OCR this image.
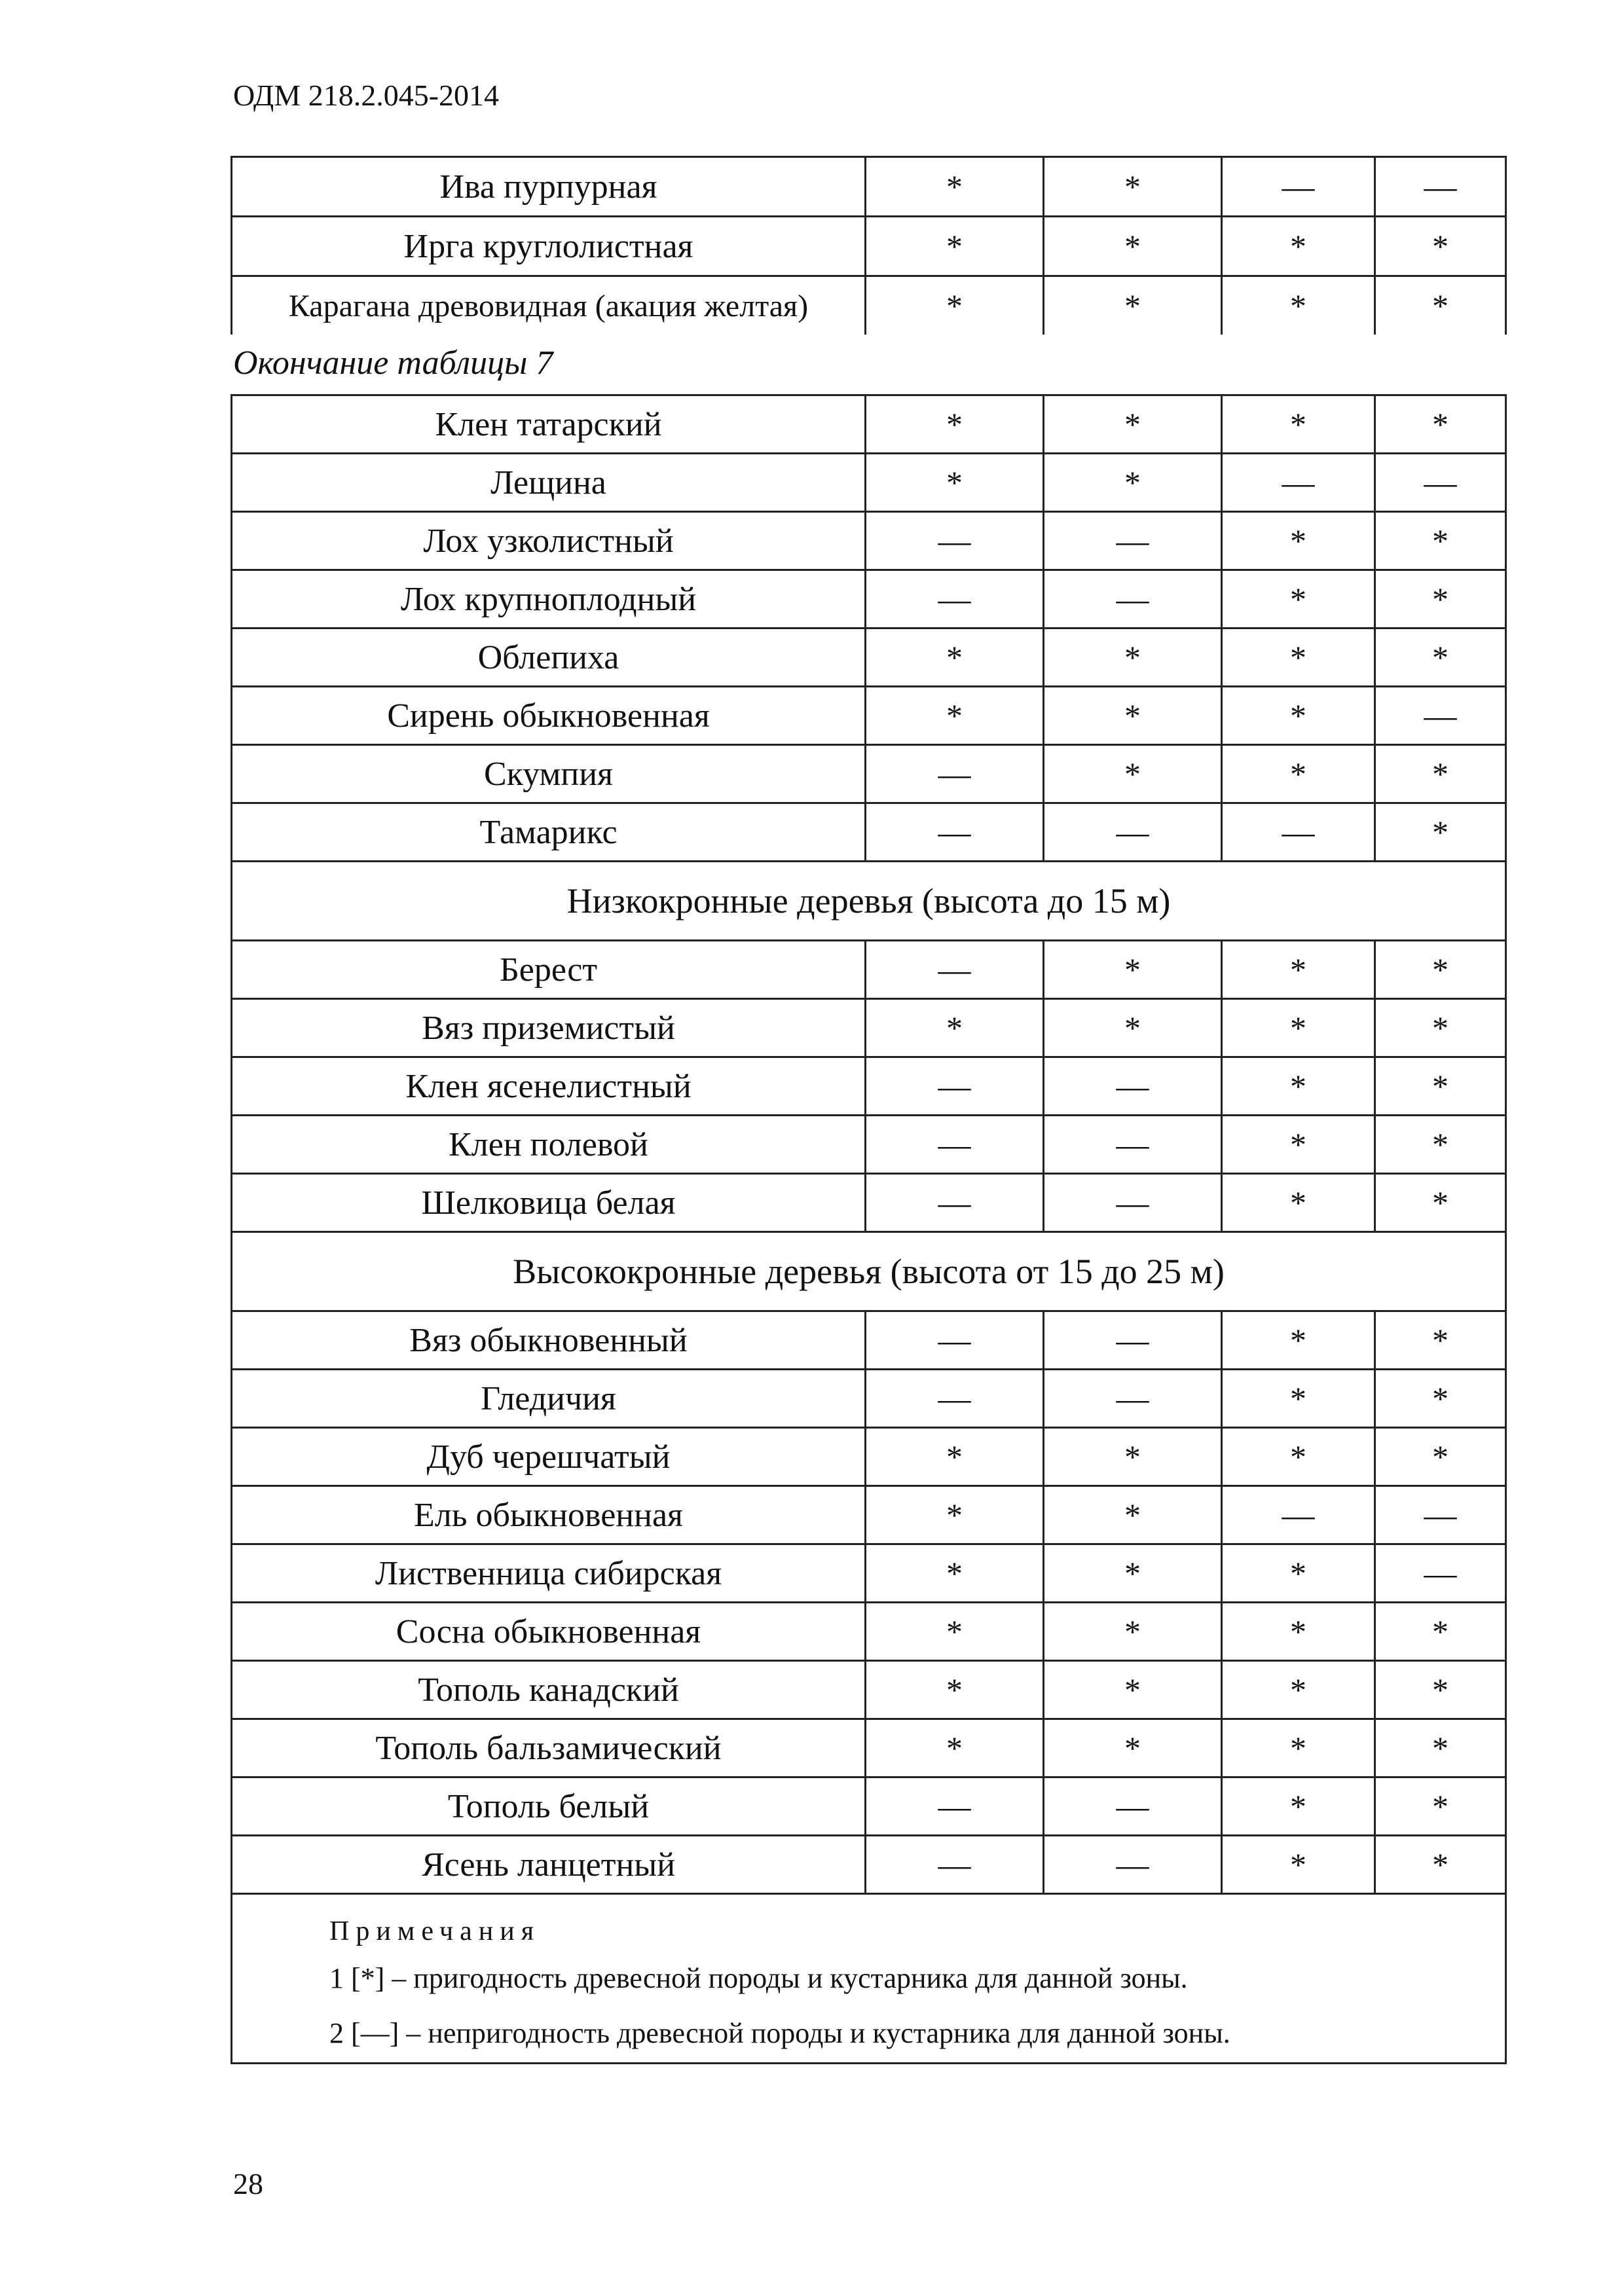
ОДМ 218.2.045-2014
Ива пурпурная	*	*	—	—
Ирга круглолистная	*	*	*	*
Карагана древовидная (акация желтая)	*	*	*	*
Окончание таблицы 7
Клен татарский	*	*	*	*
Лещина	*	*	—	—
Лох узколистный	—	—	*	*
Лох крупноплодный	—	—	*	*
Облепиха	*	*	*	*
Сирень обыкновенная	*	*	*	—
Скумпия	—	*	*	*
Тамарикс	—	—	—	*
Низкокронные деревья (высота до 15 м)				
Берест	—	*	*	*
Вяз приземистый	*	*	*	*
Клен ясенелистный	—	—	*	*
Клен полевой	—	—	*	*
Шелковица белая	—	—	*	*
Высококронные деревья (высота от 15 до 25 м)				
Вяз обыкновенный	—	—	*	*
Гледичия	—	—	*	*
Дуб черешчатый	*	*	*	*
Ель обыкновенная	*	*	—	—
Лиственница сибирская	*	*	*	—
Сосна обыкновенная	*	*	*	*
Тополь канадский	*	*	*	*
Тополь бальзамический	*	*	*	*
Тополь белый	—	—	*	*
Ясень ланцетный	—	—	*	*

Примечания
1 [*] – пригодность древесной породы и кустарника для данной зоны.
2 [—] – непригодность древесной породы и кустарника для данной зоны.				
28
